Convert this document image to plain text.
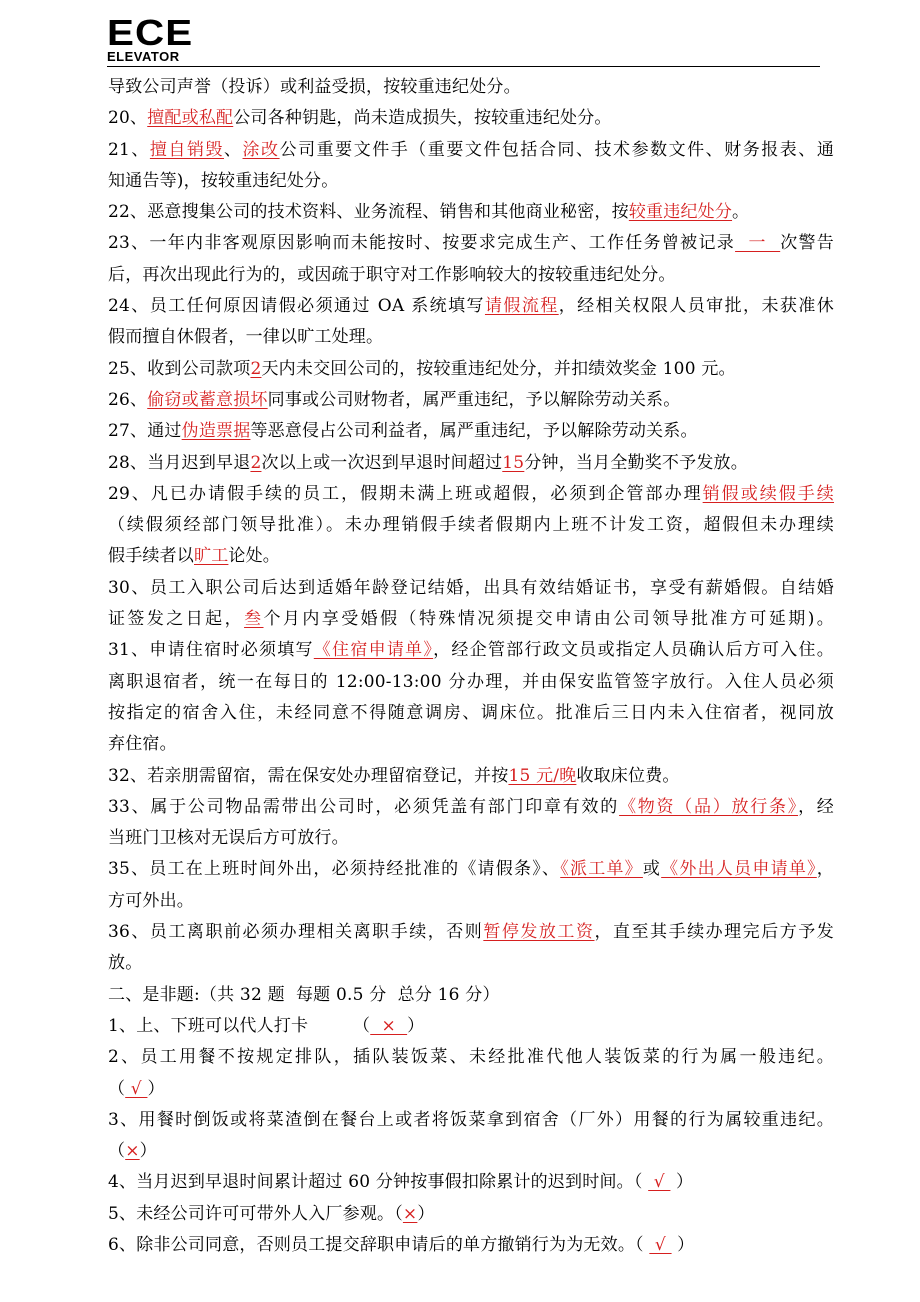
ECE
ELEVATOR
导致公司声誉（投诉）或利益受损，按较重违纪处分。
20、擅配或私配公司各种钥匙，尚未造成损失，按较重违纪处分。
21、擅自销毁、涂改公司重要文件手（重要文件包括合同、技术参数文件、财务报表、通
知通告等)，按较重违纪处分。
22、恶意搜集公司的技术资料、业务流程、销售和其他商业秘密，按较重违纪处分。
23、一年内非客观原因影响而未能按时、按要求完成生产、工作任务曾被记录  一  次警告
后，再次出现此行为的，或因疏于职守对工作影响较大的按较重违纪处分。
24、员工任何原因请假必须通过 OA 系统填写请假流程，经相关权限人员审批，未获准休
假而擅自休假者，一律以旷工处理。
25、收到公司款项2天内未交回公司的，按较重违纪处分，并扣绩效奖金 100 元。
26、偷窃或蓄意损坏同事或公司财物者，属严重违纪，予以解除劳动关系。
27、通过伪造票据等恶意侵占公司利益者，属严重违纪，予以解除劳动关系。
28、当月迟到早退2次以上或一次迟到早退时间超过15分钟，当月全勤奖不予发放。
29、凡已办请假手续的员工，假期未满上班或超假，必须到企管部办理销假或续假手续
（续假须经部门领导批准）。未办理销假手续者假期内上班不计发工资，超假但未办理续
假手续者以旷工论处。
30、员工入职公司后达到适婚年龄登记结婚，出具有效结婚证书，享受有薪婚假。自结婚
证签发之日起，叁个月内享受婚假（特殊情况须提交申请由公司领导批准方可延期)。
31、申请住宿时必须填写《住宿申请单》，经企管部行政文员或指定人员确认后方可入住。
离职退宿者，统一在每日的 12:00-13:00 分办理，并由保安监管签字放行。入住人员必须
按指定的宿舍入住，未经同意不得随意调房、调床位。批准后三日内未入住宿者，视同放
弃住宿。
32、若亲朋需留宿，需在保安处办理留宿登记，并按15 元/晚收取床位费。
33、属于公司物品需带出公司时，必须凭盖有部门印章有效的《物资（品）放行条》，经
当班门卫核对无误后方可放行。
35、员工在上班时间外出，必须持经批准的《请假条》、《派工单》或《外出人员申请单》，
方可外出。
36、员工离职前必须办理相关离职手续，否则暂停发放工资，直至其手续办理完后方予发
放。
二、是非题:（共 32 题  每题 0.5 分  总分 16 分）
1、上、下班可以代人打卡        （  ×  ）
2、员工用餐不按规定排队，插队装饭菜、未经批准代他人装饭菜的行为属一般违纪。
（ √ ）
3、用餐时倒饭或将菜渣倒在餐台上或者将饭菜拿到宿舍（厂外）用餐的行为属较重违纪。
（×）
4、当月迟到早退时间累计超过 60 分钟按事假扣除累计的迟到时间。（  √  ）
5、未经公司许可可带外人入厂参观。（×）
6、除非公司同意，否则员工提交辞职申请后的单方撤销行为为无效。（  √  ）
